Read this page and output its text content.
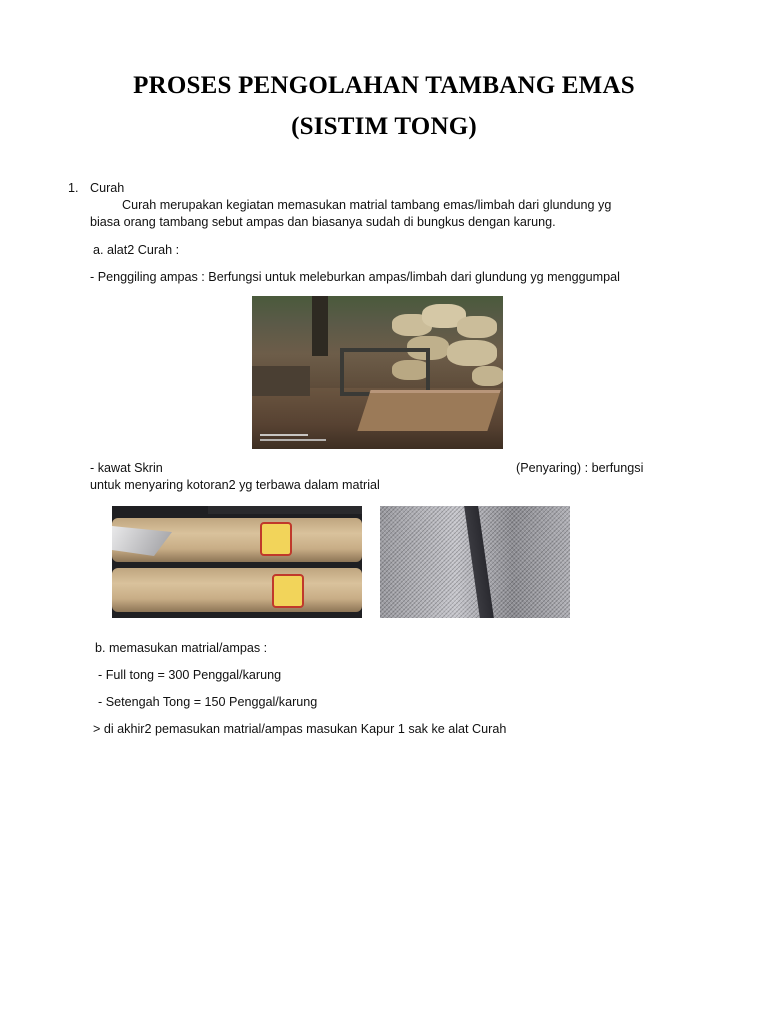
PROSES PENGOLAHAN TAMBANG EMAS
(SISTIM TONG)
1. Curah
Curah merupakan kegiatan memasukan matrial tambang emas/limbah dari glundung yg
biasa orang tambang sebut ampas dan biasanya sudah di bungkus dengan karung.
a. alat2 Curah :
- Penggiling ampas : Berfungsi untuk meleburkan ampas/limbah dari glundung yg menggumpal
- kawat Skrin	(Penyaring) : berfungsi
untuk menyaring kotoran2 yg terbawa dalam matrial
b. memasukan matrial/ampas :
- Full tong = 300 Penggal/karung
- Setengah Tong = 150 Penggal/karung
> di akhir2 pemasukan matrial/ampas masukan Kapur 1 sak ke alat Curah
